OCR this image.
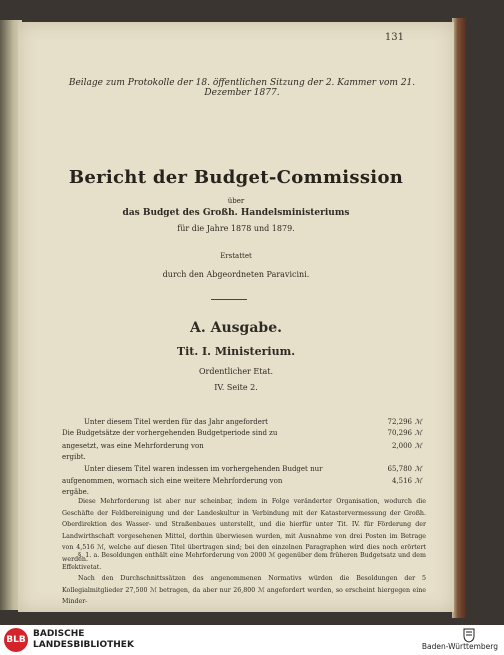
131
Beilage zum Protokolle der 18. öffentlichen Sitzung der 2. Kammer vom 21. Dezember 1877.
Bericht der Budget-Commission
über
das Budget des Großh. Handelsministeriums
für die Jahre 1878 und 1879.
Erstattet
durch den Abgeordneten Paravicini.
A. Ausgabe.
Tit. I. Ministerium.
Ordentlicher Etat.
IV. Seite 2.
Unter diesem Titel werden für das Jahr angefordert	72,296 ℳ
Die Budgetsätze der vorhergehenden Budgetperiode sind zu	70,296 ℳ
angesetzt, was eine Mehrforderung von	2,000 ℳ
ergibt.
Unter diesem Titel waren indessen im vorhergehenden Budget nur	65,780 ℳ
aufgenommen, wornach sich eine weitere Mehrforderung von	4,516 ℳ
ergäbe.
Diese Mehrforderung ist aber nur scheinbar, indem in Folge veränderter Organisation, wodurch die Geschäfte der Feldbereinigung und der Landeskultur in Verbindung mit der Katastervermessung der Großh. Oberdirektion des Wasser- und Straßenbaues unterstellt, und die hierfür unter Tit. IV. für Förderung der Landwirthschaft vorgesehenen Mittel, dorthin überwiesen wurden, mit Ausnahme von drei Posten im Betrage von 4,516 ℳ, welche auf diesen Titel übertragen sind; bei den einzelnen Paragraphen wird dies noch erörtert werden.
§. 1. a. Besoldungen enthält eine Mehrforderung von 2000 ℳ gegenüber dem früheren Budgetsatz und dem Effektivetat.
Nach den Durchschnittssätzen des angenommenen Normativs würden die Besoldungen der 5 Kollegialmitglieder 27,500 ℳ betragen, da aber nur 26,800 ℳ angefordert werden, so erscheint hiergegen eine Minder-
BLB
BADISCHE
LANDESBIBLIOTHEK	Baden-Württemberg
